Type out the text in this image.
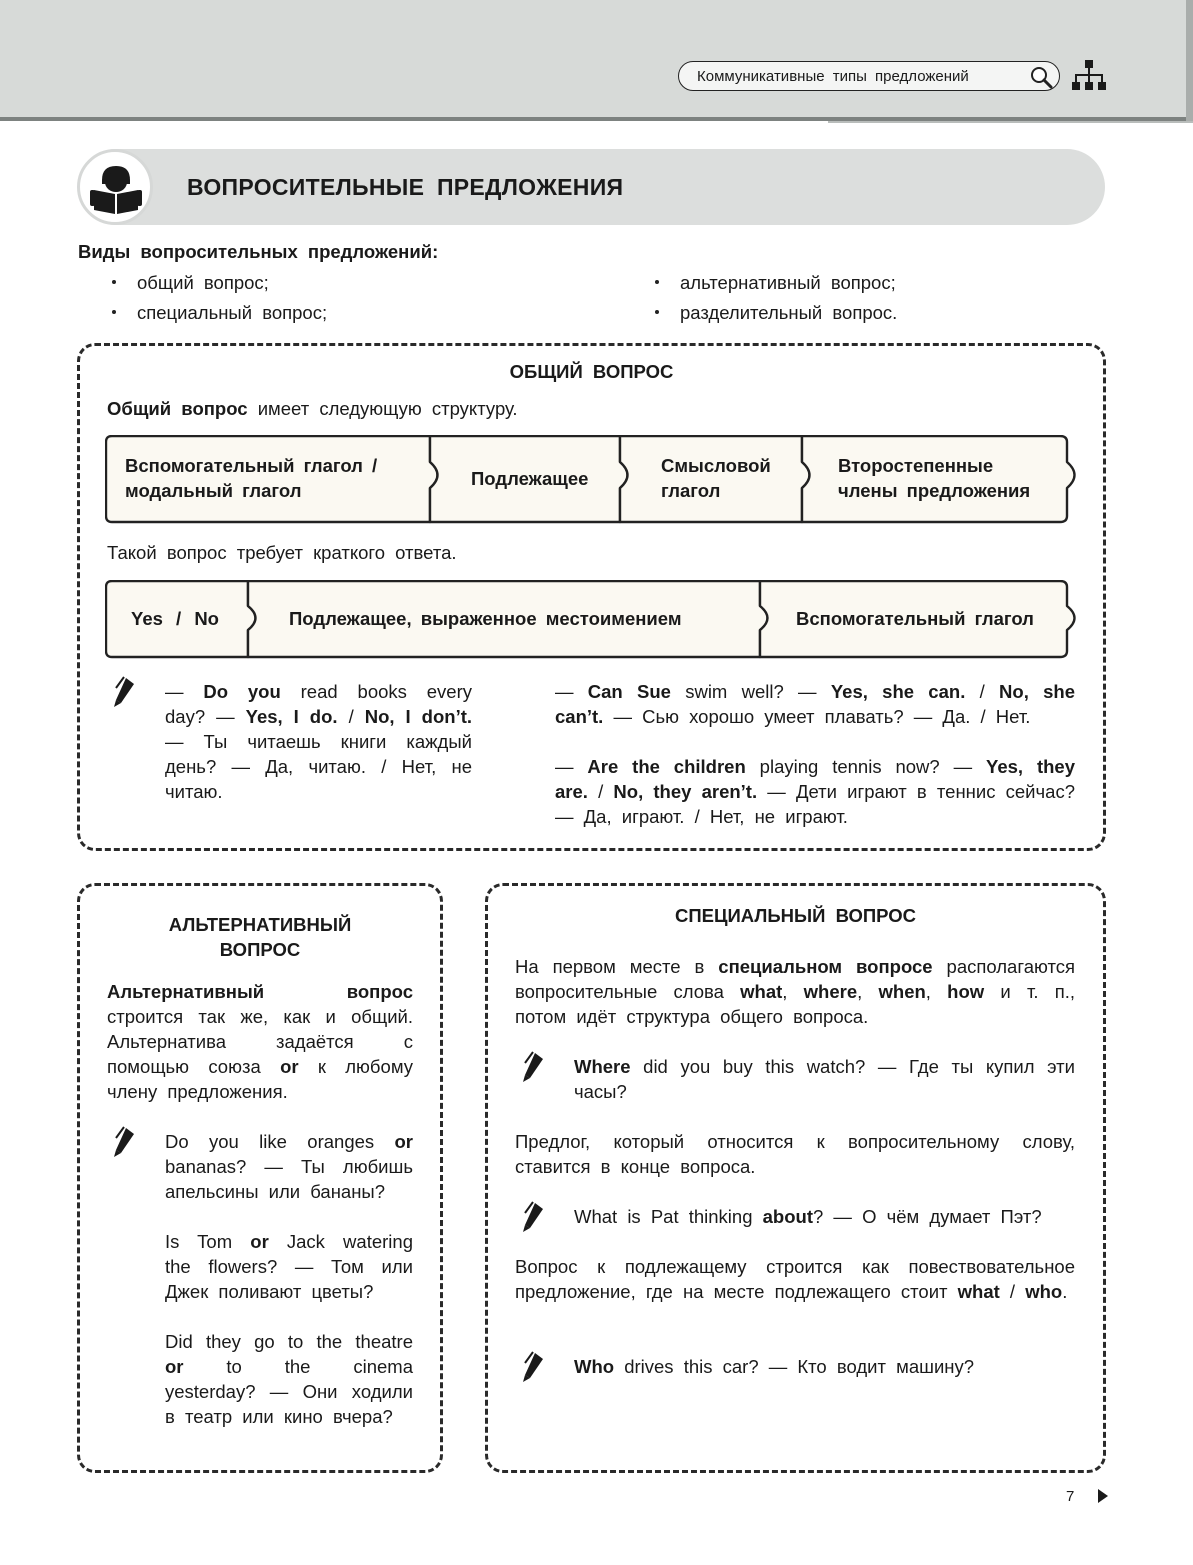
Коммуникативные типы предложений
ВОПРОСИТЕЛЬНЫЕ ПРЕДЛОЖЕНИЯ
Виды вопросительных предложений:
общий вопрос;
специальный вопрос;
альтернативный вопрос;
разделительный вопрос.
ОБЩИЙ ВОПРОС
Общий вопрос имеет следующую структуру.
Вспомогательный глагол /
модальный глагол
Подлежащее
Смысловой
глагол
Второстепенные
члены предложения
Такой вопрос требует краткого ответа.
Yes / No	Подлежащее, выраженное местоимением	Вспомогательный глагол
— Do you read books every day? — Yes, I do. / No, I don’t. — Ты читаешь книги каждый день? — Да, читаю. / Нет, не читаю.
— Can Sue swim well? — Yes, she can. / No, she can’t. — Сью хорошо умеет плавать? — Да. / Нет.
— Are the children playing tennis now? — Yes, they are. / No, they aren’t. — Дети играют в теннис сейчас? — Да, играют. / Нет, не играют.
АЛЬТЕРНАТИВНЫЙ
ВОПРОС
Альтернативный вопрос строится так же, как и общий. Альтернатива задаётся с помощью союза or к любому члену предложения.
Do you like oranges or bananas? — Ты любишь апельсины или бананы?
Is Tom or Jack watering the flowers? — Том или Джек поливают цветы?
Did they go to the theatre or to the cinema yesterday? — Они ходили в театр или кино вчера?
СПЕЦИАЛЬНЫЙ ВОПРОС
На первом месте в специальном вопросе располагаются вопросительные слова what, where, when, how и т. п., потом идёт структура общего вопроса.
Where did you buy this watch? — Где ты купил эти часы?
Предлог, который относится к вопросительному слову, ставится в конце вопроса.
What is Pat thinking about? — О чём думает Пэт?
Вопрос к подлежащему строится как повествовательное предложение, где на месте подлежащего стоит what / who.
Who drives this car? — Кто водит машину?
7
